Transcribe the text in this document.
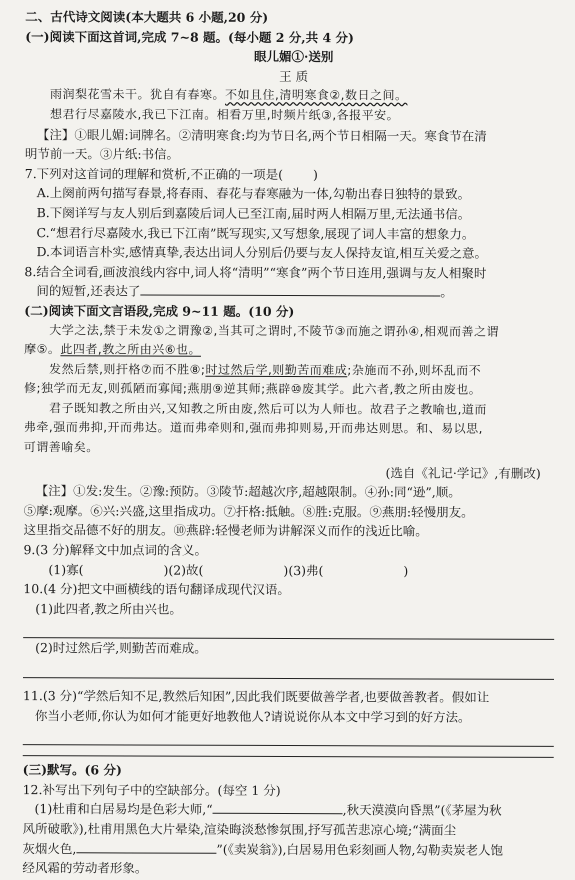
二、古代诗文阅读(本大题共 6 小题,20 分)
(一)阅读下面这首词,完成 7~8 题。(每小题 2 分,共 4 分)
眼儿媚①·送别
王 质
雨润梨花雪未干。犹自有春寒。不如且住,清明寒食②,数日之间。
想君行尽嘉陵水,我已下江南。相看万里,时频片纸③,各报平安。
【注】①眼儿媚:词牌名。②清明寒食:均为节日名,两个节日相隔一天。寒食节在清
明节前一天。③片纸:书信。
7.下列对这首词的理解和赏析,不正确的一项是( )
A.上阕前两句描写春景,将春雨、春花与春寒融为一体,勾勒出春日独特的景致。
B.下阕详写与友人别后到嘉陵后词人已至江南,届时两人相隔万里,无法通书信。
C.“想君行尽嘉陵水,我已下江南”既写现实,又写想象,展现了词人丰富的想象力。
D.本词语言朴实,感情真挚,表达出词人分别后仍要与友人保持友谊,相互关爱之意。
8.结合全词看,画波浪线内容中,词人将“清明”“寒食”两个节日连用,强调与友人相聚时
间的短暂,还表达了	。
(二)阅读下面文言语段,完成 9~11 题。(10 分)
大学之法,禁于未发①之谓豫②,当其可之谓时,不陵节③而施之谓孙④,相观而善之谓
摩⑤。此四者,教之所由兴⑥也。
发然后禁,则扞格⑦而不胜⑧;时过然后学,则勤苦而难成;杂施而不孙,则坏乱而不
修;独学而无友,则孤陋而寡闻;燕朋⑨逆其师;燕辟⑩废其学。此六者,教之所由废也。
君子既知教之所由兴,又知教之所由废,然后可以为人师也。故君子之教喻也,道而
弗牵,强而弗抑,开而弗达。道而弗牵则和,强而弗抑则易,开而弗达则思。和、易以思,
可谓善喻矣。
(选自《礼记·学记》,有删改)
【注】①发:发生。②豫:预防。③陵节:超越次序,超越限制。④孙:同“逊”,顺。
⑤摩:观摩。⑥兴:兴盛,这里指成功。⑦扞格:抵触。⑧胜:克服。⑨燕朋:轻慢朋友。
这里指交品德不好的朋友。⑩燕辟:轻慢老师为讲解深义而作的浅近比喻。
9.(3 分)解释文中加点词的含义。
(1)寡(	)(2)故(	)(3)弗(	)
10.(4 分)把文中画横线的语句翻译成现代汉语。
(1)此四者,教之所由兴也。
(2)时过然后学,则勤苦而难成。
11.(3 分)“学然后知不足,教然后知困”,因此我们既要做善学者,也要做善教者。假如让
你当小老师,你认为如何才能更好地教他人?请说说你从本文中学习到的好方法。
(三)默写。(6 分)
12.补写出下列句子中的空缺部分。(每空 1 分)
(1)杜甫和白居易均是色彩大师,“	,秋天漠漠向昏黑”(《茅屋为秋
风所破歌》),杜甫用黑色大片晕染,渲染晦淡愁惨氛围,抒写孤苦悲凉心境;“满面尘
灰烟火色,	”(《卖炭翁》),白居易用色彩刻画人物,勾勒卖炭老人饱
经风霜的劳动者形象。
